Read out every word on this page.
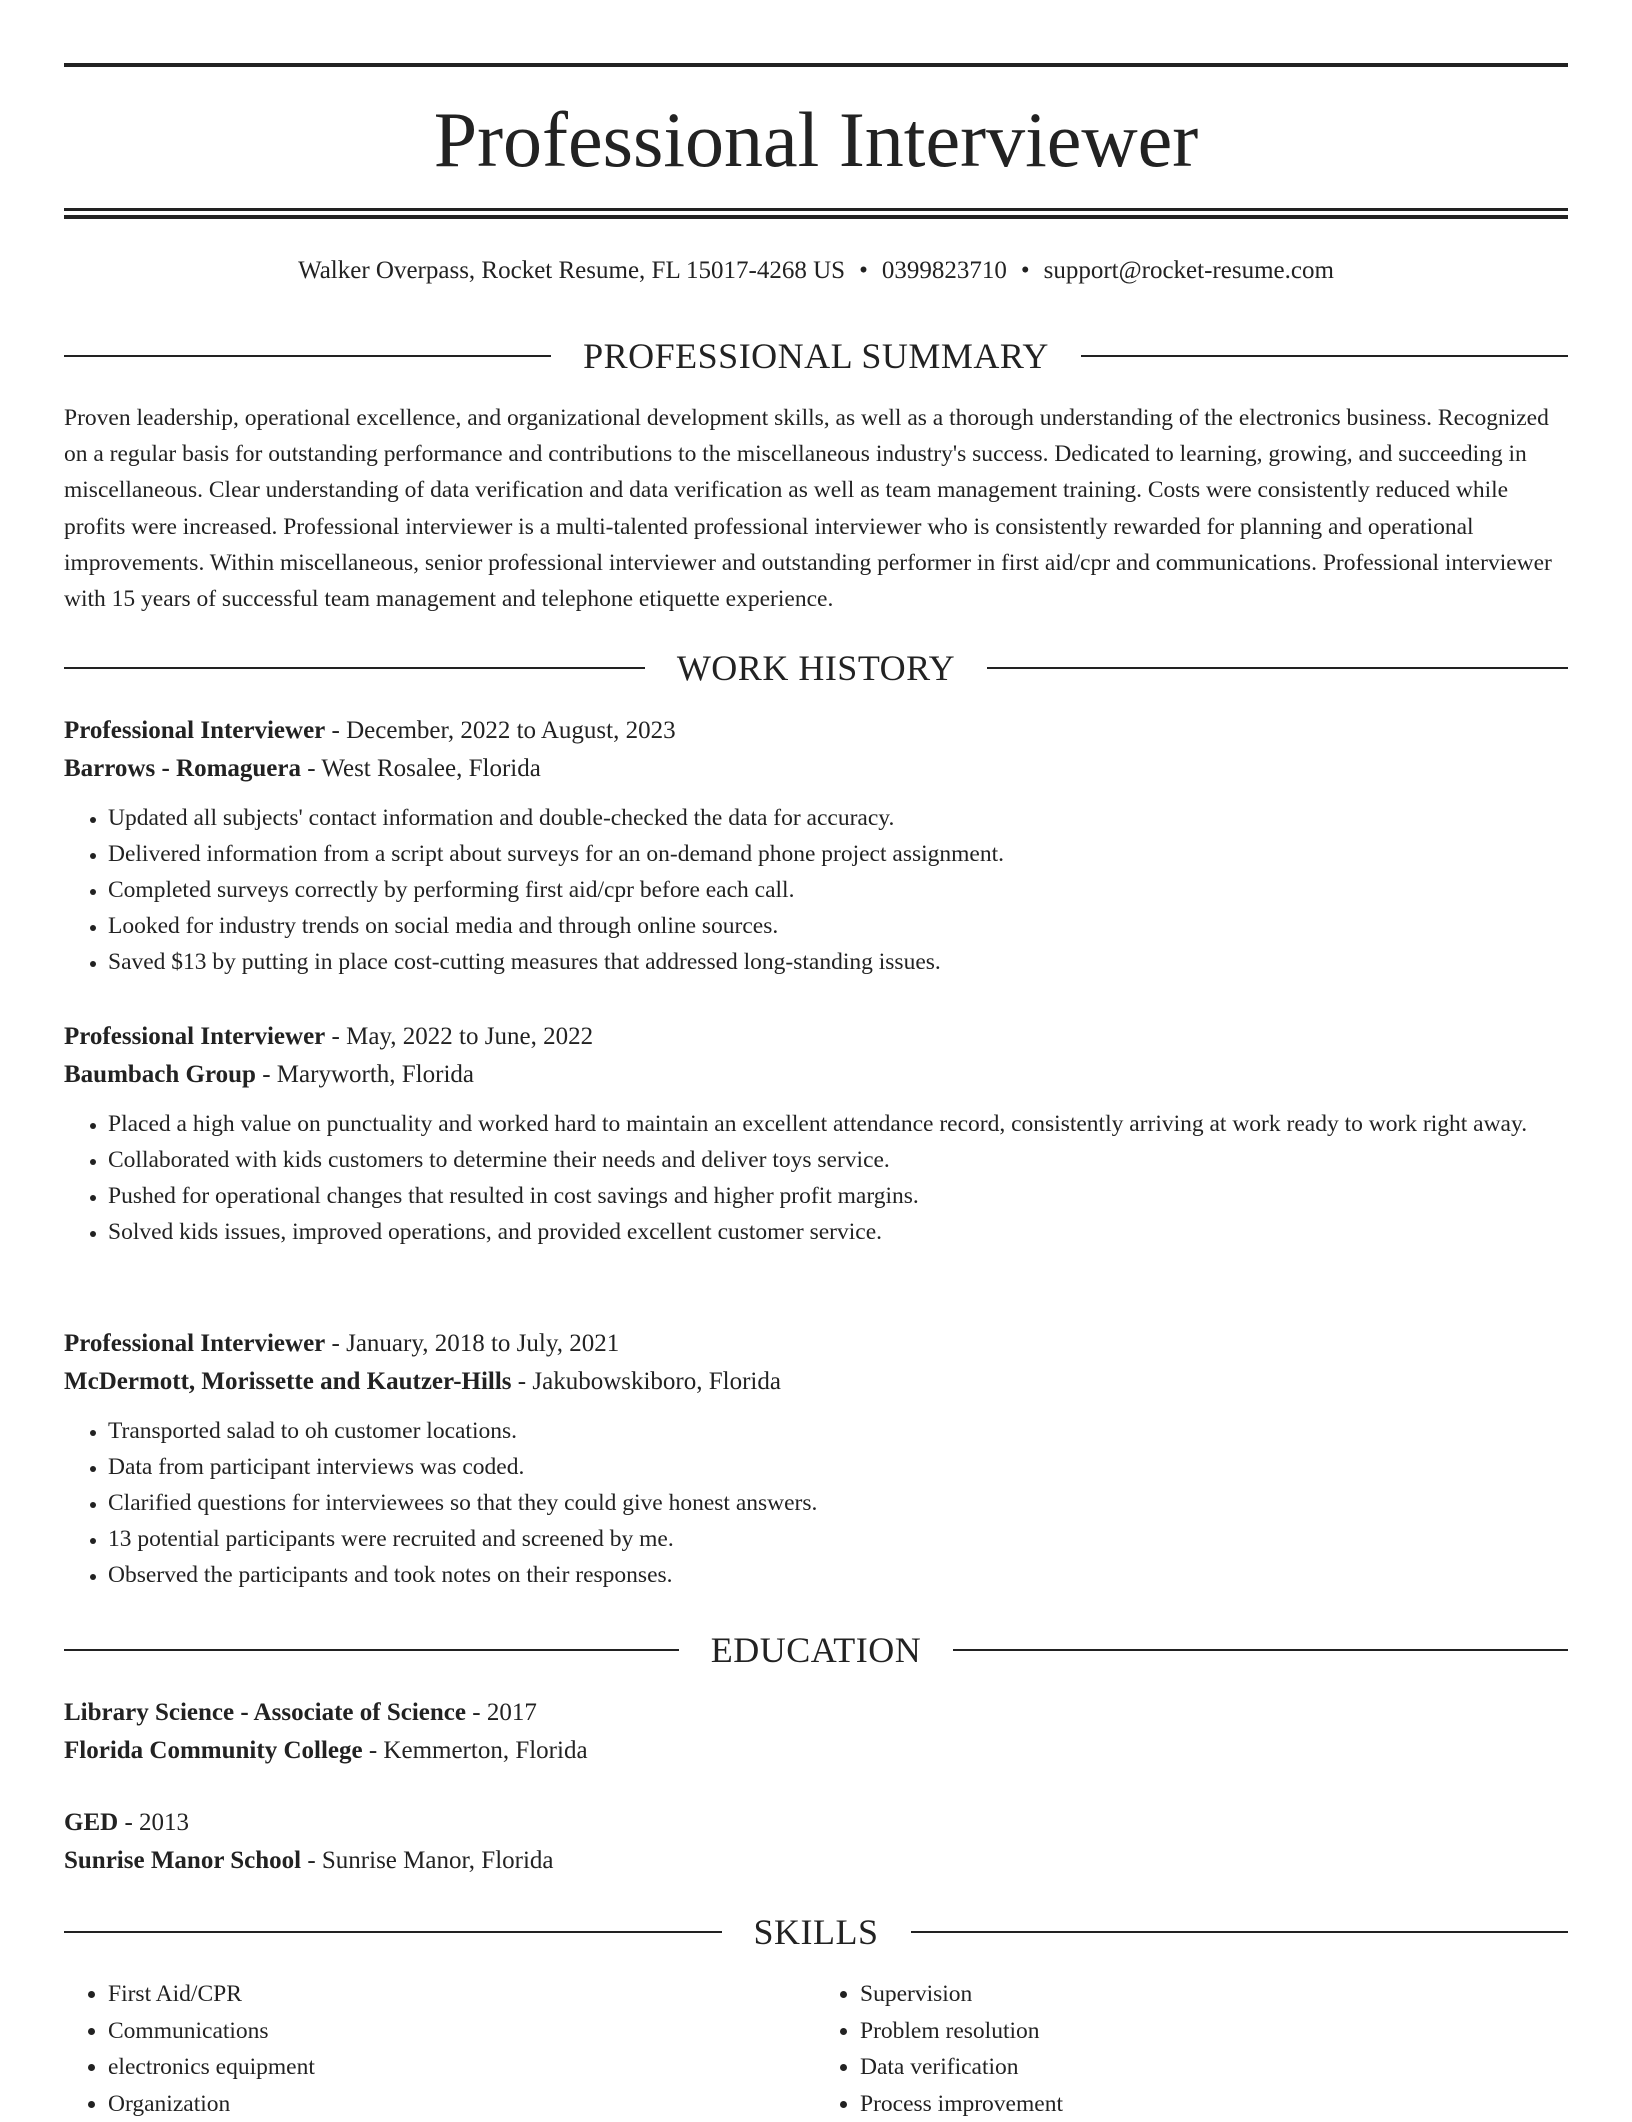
Professional Interviewer
Walker Overpass, Rocket Resume, FL 15017-4268 US • 0399823710 • support@rocket-resume.com
PROFESSIONAL SUMMARY

Proven leadership, operational excellence, and organizational development skills, as well as a thorough understanding of the electronics business. Recognized on a regular basis for outstanding performance and contributions to the miscellaneous industry's success. Dedicated to learning, growing, and succeeding in miscellaneous. Clear understanding of data verification and data verification as well as team management training. Costs were consistently reduced while profits were increased. Professional interviewer is a multi-talented professional interviewer who is consistently rewarded for planning and operational improvements. Within miscellaneous, senior professional interviewer and outstanding performer in first aid/cpr and communications. Professional interviewer with 15 years of successful team management and telephone etiquette experience.

WORK HISTORY
Professional Interviewer - December, 2022 to August, 2023
Barrows - Romaguera - West Rosalee, Florida
• Updated all subjects' contact information and double-checked the data for accuracy.
• Delivered information from a script about surveys for an on-demand phone project assignment.
• Completed surveys correctly by performing first aid/cpr before each call.
• Looked for industry trends on social media and through online sources.
• Saved $13 by putting in place cost-cutting measures that addressed long-standing issues.
Professional Interviewer - May, 2022 to June, 2022
Baumbach Group - Maryworth, Florida
• Placed a high value on punctuality and worked hard to maintain an excellent attendance record, consistently arriving at work ready to work right away.
• Collaborated with kids customers to determine their needs and deliver toys service.
• Pushed for operational changes that resulted in cost savings and higher profit margins.
• Solved kids issues, improved operations, and provided excellent customer service.
Professional Interviewer - January, 2018 to July, 2021
McDermott, Morissette and Kautzer-Hills - Jakubowskiboro, Florida
• Transported salad to oh customer locations.
• Data from participant interviews was coded.
• Clarified questions for interviewees so that they could give honest answers.
• 13 potential participants were recruited and screened by me.
• Observed the participants and took notes on their responses.
EDUCATION
Library Science - Associate of Science - 2017
Florida Community College - Kemmerton, Florida
GED - 2013
Sunrise Manor School - Sunrise Manor, Florida
SKILLS
• First Aid/CPR
• Communications
• electronics equipment
• Organization
• Supervision
• Problem resolution
• Data verification
• Process improvement
